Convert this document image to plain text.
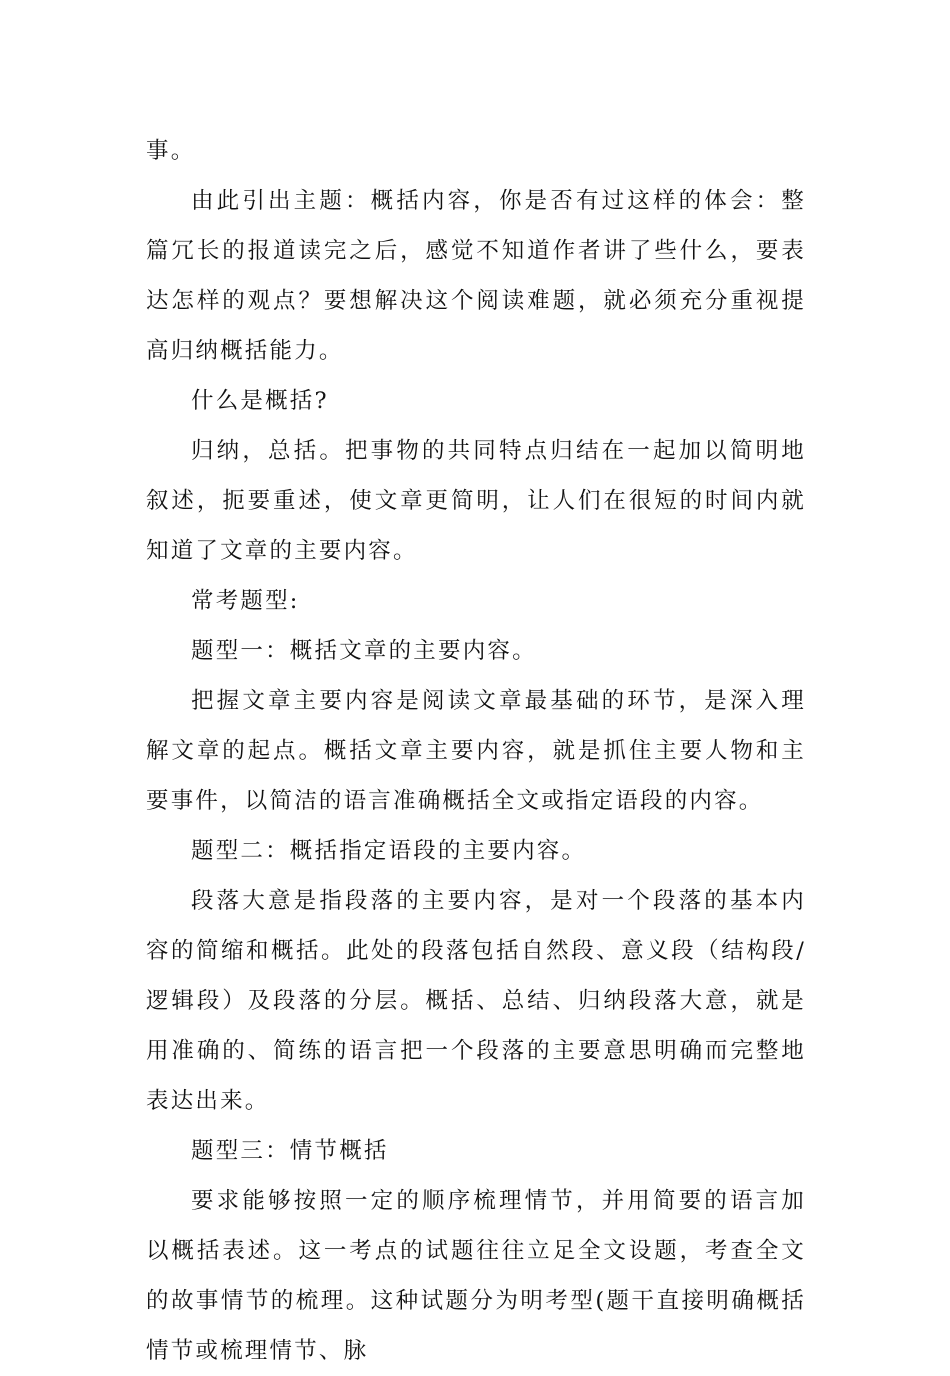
事。

由此引出主题：概括内容，你是否有过这样的体会：整篇冗长的报道读完之后，感觉不知道作者讲了些什么，要表达怎样的观点？要想解决这个阅读难题，就必须充分重视提高归纳概括能力。

什么是概括?

归纳，总括。把事物的共同特点归结在一起加以简明地叙述，扼要重述，使文章更简明，让人们在很短的时间内就知道了文章的主要内容。

常考题型:

题型一：概括文章的主要内容。

把握文章主要内容是阅读文章最基础的环节，是深入理解文章的起点。概括文章主要内容，就是抓住主要人物和主要事件，以简洁的语言准确概括全文或指定语段的内容。

题型二：概括指定语段的主要内容。

段落大意是指段落的主要内容，是对一个段落的基本内容的简缩和概括。此处的段落包括自然段、意义段（结构段/逻辑段）及段落的分层。概括、总结、归纳段落大意，就是用准确的、简练的语言把一个段落的主要意思明确而完整地表达出来。

题型三：情节概括

要求能够按照一定的顺序梳理情节，并用简要的语言加以概括表述。这一考点的试题往往立足全文设题，考查全文的故事情节的梳理。这种试题分为明考型(题干直接明确概括情节或梳理情节、脉
